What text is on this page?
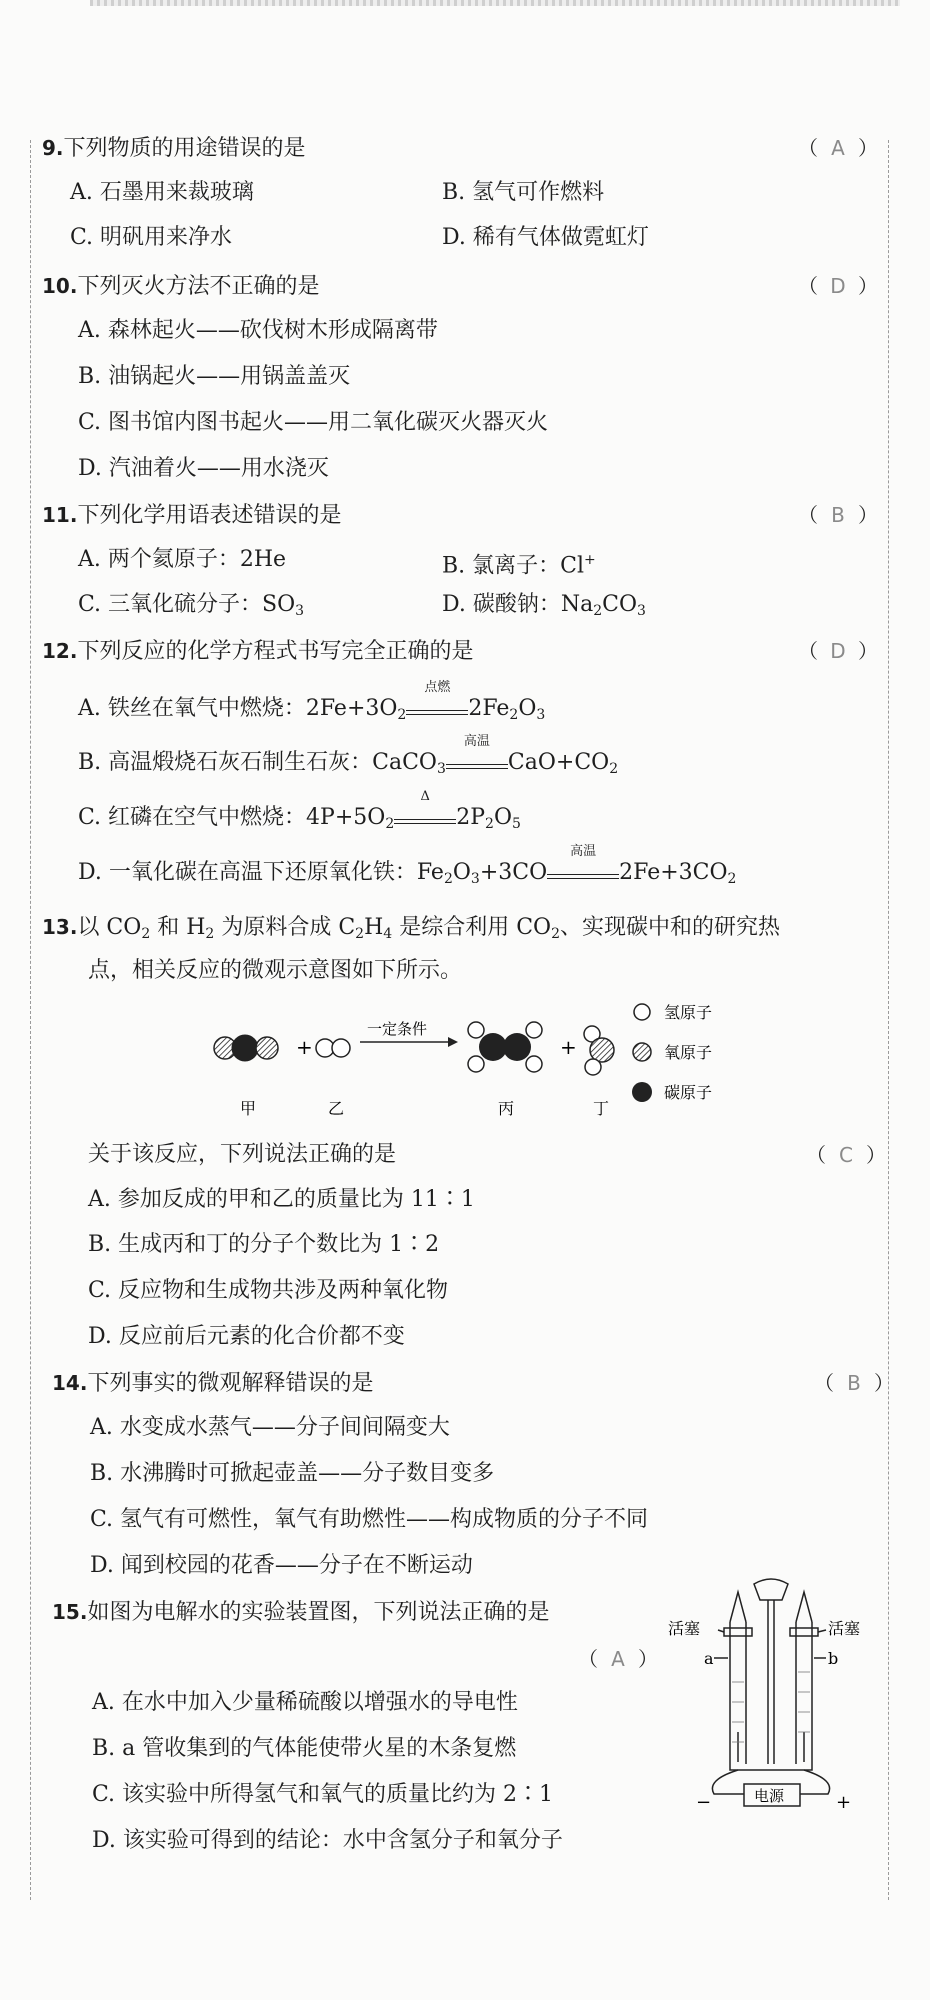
9.下列物质的用途错误的是	（ A ）
A. 石墨用来裁玻璃	B. 氢气可作燃料
C. 明矾用来净水	D. 稀有气体做霓虹灯
10.下列灭火方法不正确的是	（ D ）
A. 森林起火——砍伐树木形成隔离带
B. 油锅起火——用锅盖盖灭
C. 图书馆内图书起火——用二氧化碳灭火器灭火
D. 汽油着火——用水浇灭
11.下列化学用语表述错误的是	（ B ）
A. 两个氦原子：2He	B. 氯离子：Cl+
C. 三氧化硫分子：$SO_3$	D. 碳酸钠：$Na_2CO_3$
12.下列反应的化学方程式书写完全正确的是	（ D ）
A. 铁丝在氧气中燃烧：$2Fe+3O_2$
点燃
$2Fe_2O_3$
B. 高温煅烧石灰石制生石灰：CaCO$_3$
高温
$CaO+CO_2$
C. 红磷在空气中燃烧：$4P+5O_2$
Δ
$2P_2O_5$
D. 一氧化碳在高温下还原氧化铁：$Fe_2O_3+3CO$
高温
$2Fe+3CO_2$
13.以 $CO_2$ 和 $H_2$ 为原料合成 $C_2H_4$ 是综合利用 $CO_2$、实现碳中和的研究热
点，相关反应的微观示意图如下所示。
+
一定条件
+
甲	乙	丙	丁
氢原子
氧原子
碳原子
关于该反应，下列说法正确的是	（ C ）
A. 参加反成的甲和乙的质量比为 11∶1
B. 生成丙和丁的分子个数比为 1∶2
C. 反应物和生成物共涉及两种氧化物
D. 反应前后元素的化合价都不变
14.下列事实的微观解释错误的是	（ B ）
A. 水变成水蒸气——分子间间隔变大
B. 水沸腾时可掀起壶盖——分子数目变多
C. 氢气有可燃性，氧气有助燃性——构成物质的分子不同
D. 闻到校园的花香——分子在不断运动
15.如图为电解水的实验装置图，下列说法正确的是
（ A ）
A. 在水中加入少量稀硫酸以增强水的导电性
B. a 管收集到的气体能使带火星的木条复燃
C. 该实验中所得氢气和氧气的质量比约为 2∶1
D. 该实验可得到的结论：水中含氢分子和氧分子
活塞	活塞
a	b
电源
−	+
